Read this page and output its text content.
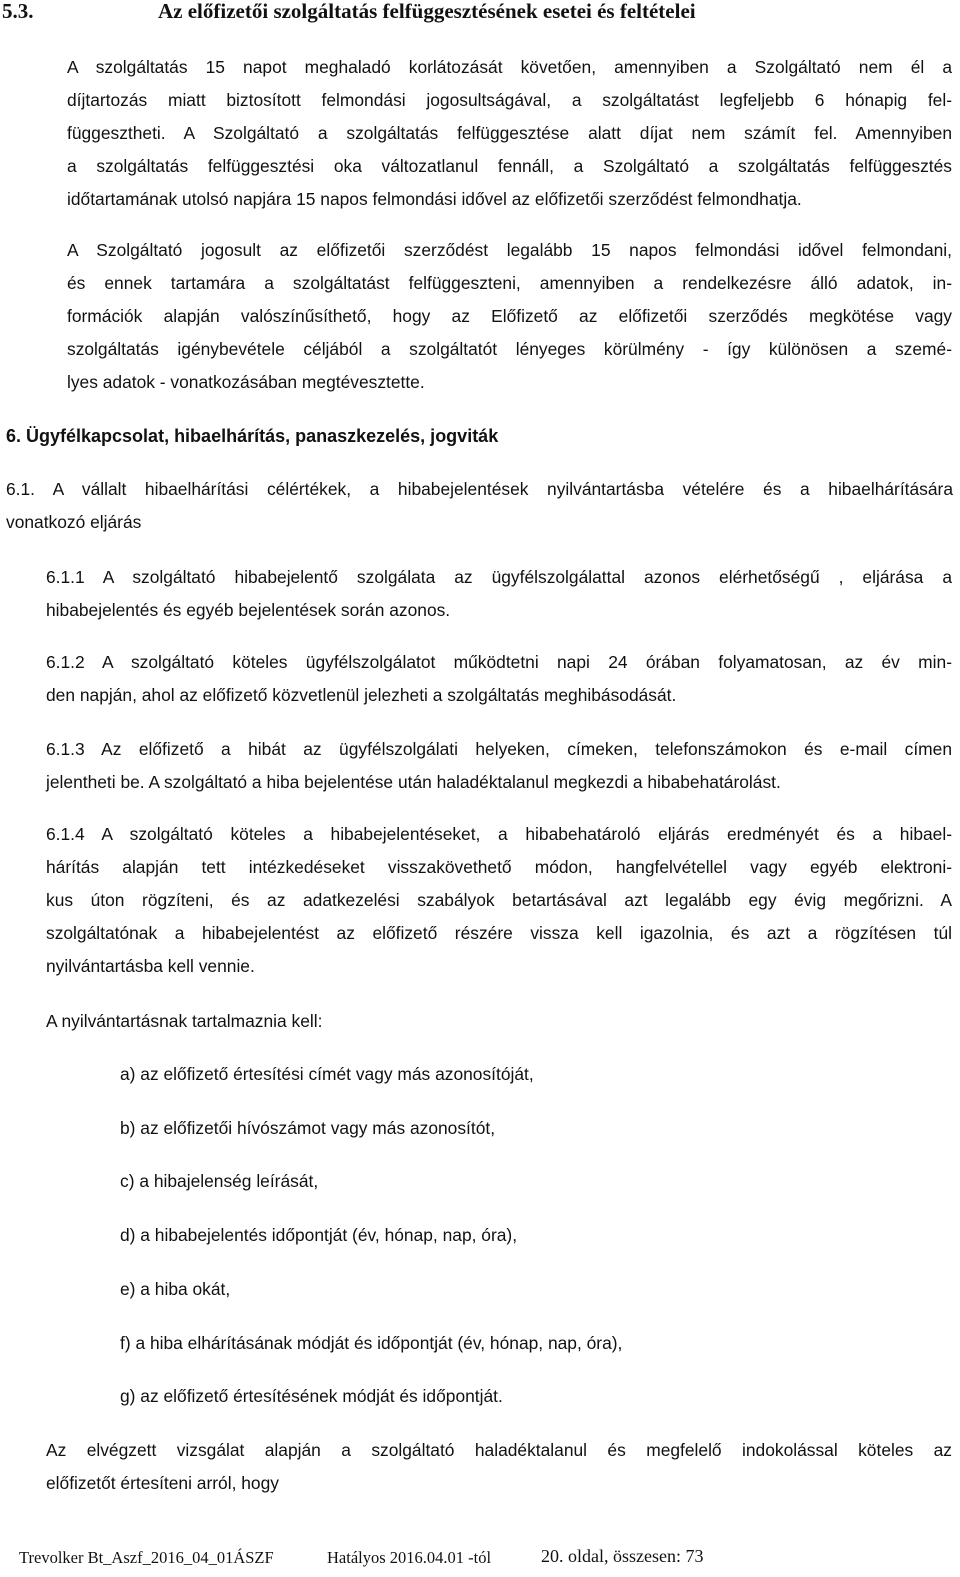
5.3.	Az előfizetői szolgáltatás felfüggesztésének esetei és feltételei
A szolgáltatás 15 napot meghaladó korlátozását követően, amennyiben a Szolgáltató nem él a
díjtartozás miatt biztosított felmondási jogosultságával, a szolgáltatást legfeljebb 6 hónapig fel-
függesztheti. A Szolgáltató a szolgáltatás felfüggesztése alatt díjat nem számít fel. Amennyiben
a szolgáltatás felfüggesztési oka változatlanul fennáll, a Szolgáltató a szolgáltatás felfüggesztés
időtartamának utolsó napjára 15 napos felmondási idővel az előfizetői szerződést felmondhatja.
A Szolgáltató jogosult az előfizetői szerződést legalább 15 napos felmondási idővel felmondani,
és ennek tartamára a szolgáltatást felfüggeszteni, amennyiben a rendelkezésre álló adatok, in-
formációk alapján valószínűsíthető, hogy az Előfizető az előfizetői szerződés megkötése vagy
szolgáltatás igénybevétele céljából a szolgáltatót lényeges körülmény - így különösen a szemé-
lyes adatok - vonatkozásában megtévesztette.
6. Ügyfélkapcsolat, hibaelhárítás, panaszkezelés, jogviták
6.1. A vállalt hibaelhárítási célértékek, a hibabejelentések nyilvántartásba vételére és a hibaelhárítására
vonatkozó eljárás
6.1.1 A szolgáltató hibabejelentő szolgálata az ügyfélszolgálattal azonos elérhetőségű , eljárása a
hibabejelentés és egyéb bejelentések során azonos.
6.1.2 A szolgáltató köteles ügyfélszolgálatot működtetni napi 24 órában folyamatosan, az év min-
den napján, ahol az előfizető közvetlenül jelezheti a szolgáltatás meghibásodását.
6.1.3 Az előfizető a hibát az ügyfélszolgálati helyeken, címeken, telefonszámokon és e-mail címen
jelentheti be. A szolgáltató a hiba bejelentése után haladéktalanul megkezdi a hibabehatárolást.
6.1.4 A szolgáltató köteles a hibabejelentéseket, a hibabehatároló eljárás eredményét és a hibael-
hárítás alapján tett intézkedéseket visszakövethető módon, hangfelvétellel vagy egyéb elektroni-
kus úton rögzíteni, és az adatkezelési szabályok betartásával azt legalább egy évig megőrizni. A
szolgáltatónak a hibabejelentést az előfizető részére vissza kell igazolnia, és azt a rögzítésen túl
nyilvántartásba kell vennie.
A nyilvántartásnak tartalmaznia kell:
a) az előfizető értesítési címét vagy más azonosítóját,
b) az előfizetői hívószámot vagy más azonosítót,
c) a hibajelenség leírását,
d) a hibabejelentés időpontját (év, hónap, nap, óra),
e) a hiba okát,
f) a hiba elhárításának módját és időpontját (év, hónap, nap, óra),
g) az előfizető értesítésének módját és időpontját.
Az elvégzett vizsgálat alapján a szolgáltató haladéktalanul és megfelelő indokolással köteles az
előfizetőt értesíteni arról, hogy
Trevolker Bt_Aszf_2016_04_01ÁSZF	Hatályos 2016.04.01 -tól	20. oldal, összesen: 73
